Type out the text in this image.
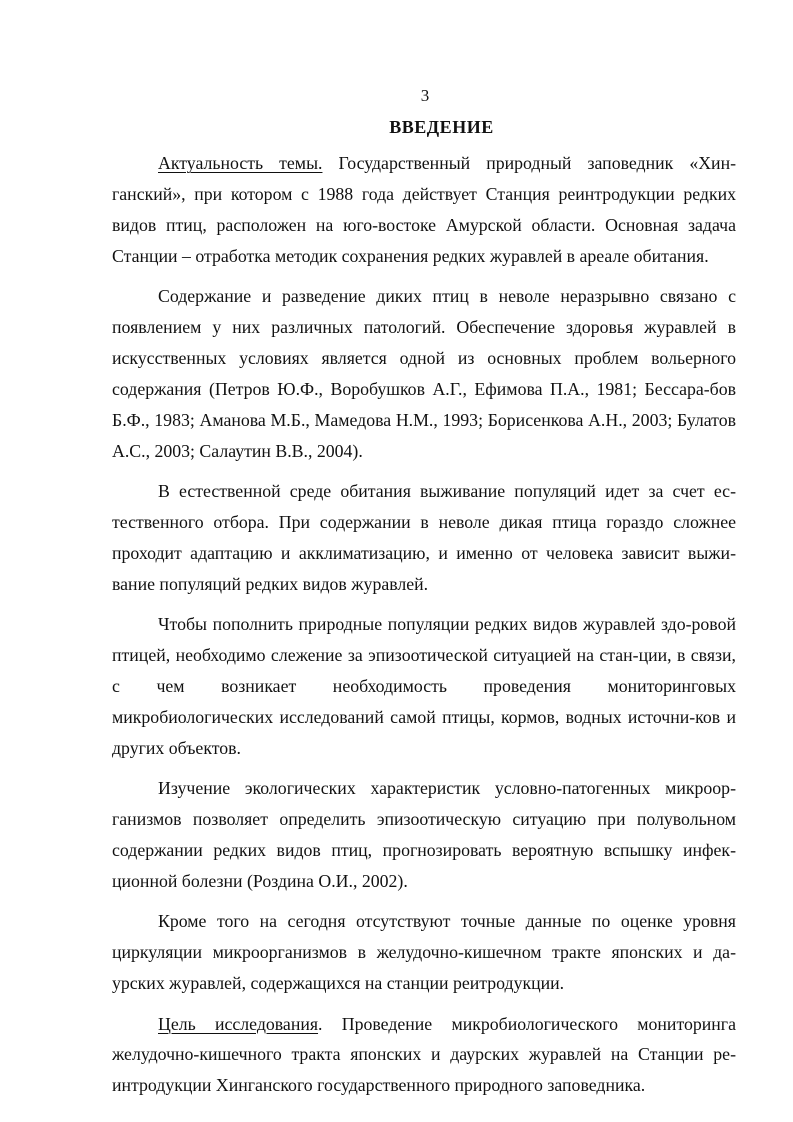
3
ВВЕДЕНИЕ

Актуальность темы. Государственный природный заповедник «Хин-ганский», при котором с 1988 года действует Станция реинтродукции редких видов птиц, расположен на юго-востоке Амурской области. Основная задача Станции – отработка методик сохранения редких журавлей в ареале обитания.

Содержание и разведение диких птиц в неволе неразрывно связано с появлением у них различных патологий. Обеспечение здоровья журавлей в искусственных условиях является одной из основных проблем вольерного содержания (Петров Ю.Ф., Воробушков А.Г., Ефимова П.А., 1981; Бессара-бов Б.Ф., 1983; Аманова М.Б., Мамедова Н.М., 1993; Борисенкова А.Н., 2003; Булатов А.С., 2003; Салаутин В.В., 2004).

В естественной среде обитания выживание популяций идет за счет ес-тественного отбора. При содержании в неволе дикая птица гораздо сложнее проходит адаптацию и акклиматизацию, и именно от человека зависит выжи-вание популяций редких видов журавлей.

Чтобы пополнить природные популяции редких видов журавлей здо-ровой птицей, необходимо слежение за эпизоотической ситуацией на стан-ции, в связи, с чем возникает необходимость проведения мониторинговых микробиологических исследований самой птицы, кормов, водных источни-ков и других объектов.

Изучение экологических характеристик условно-патогенных микроор-ганизмов позволяет определить эпизоотическую ситуацию при полувольном содержании редких видов птиц, прогнозировать вероятную вспышку инфек-ционной болезни (Роздина О.И., 2002).

Кроме того на сегодня отсутствуют точные данные по оценке уровня циркуляции микроорганизмов в желудочно-кишечном тракте японских и да-урских журавлей, содержащихся на станции реитродукции.

Цель исследования. Проведение микробиологического мониторинга желудочно-кишечного тракта японских и даурских журавлей на Станции ре-интродукции Хинганского государственного природного заповедника.
